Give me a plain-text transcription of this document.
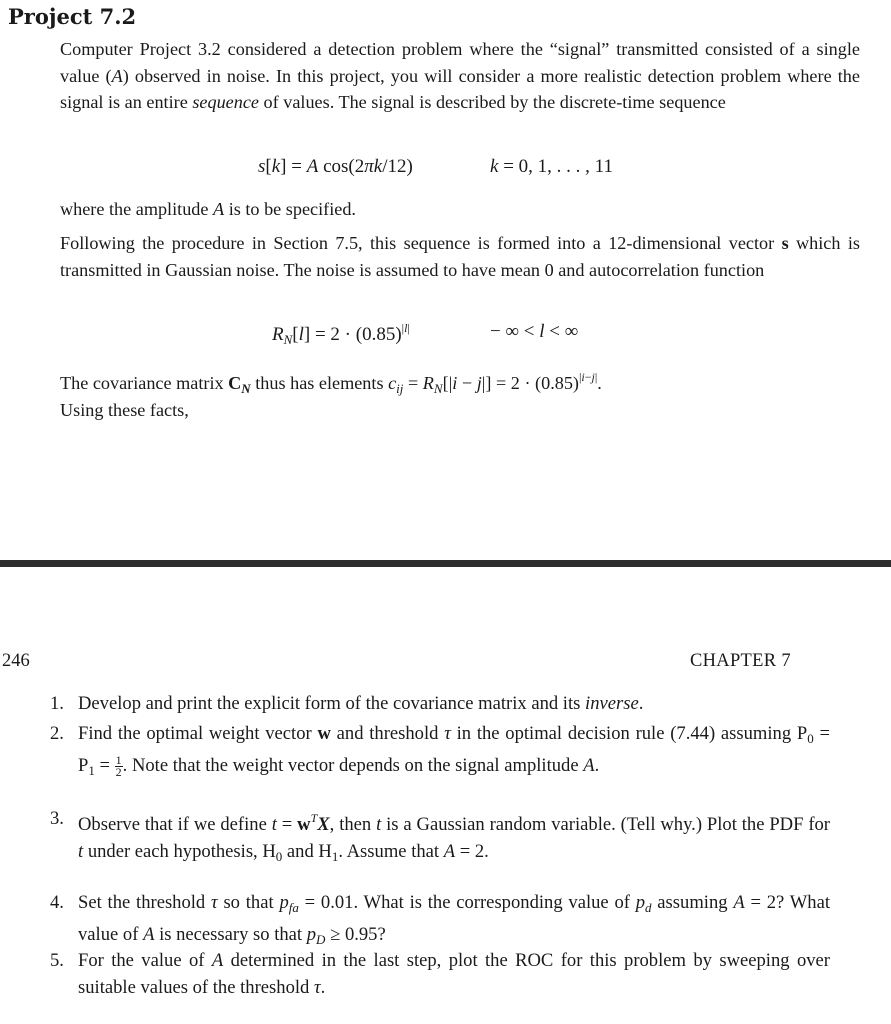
Project 7.2
Computer Project 3.2 considered a detection problem where the “signal” transmitted consisted of a single value (A) observed in noise. In this project, you will consider a more realistic detection problem where the signal is an entire sequence of values. The signal is described by the discrete-time sequence
s[k] = A cos(2πk/12)	k = 0, 1, . . . , 11
where the amplitude A is to be specified.
Following the procedure in Section 7.5, this sequence is formed into a 12-dimensional vector s which is transmitted in Gaussian noise. The noise is assumed to have mean 0 and autocorrelation function
$R_N[l] = 2 \cdot (0.85)^{|l|}$	− ∞ < l < ∞
The covariance matrix $C_N$ thus has elements $c_{ij} = R_N[|i - j|] = 2 \cdot (0.85)^{|i-j|}$.
Using these facts,
246	CHAPTER 7
1. Develop and print the explicit form of the covariance matrix and its inverse.
2. Find the optimal weight vector w and threshold τ in the optimal decision rule (7.44) assuming $P_0 = P_1 = \frac{1}{2}$ . Note that the weight vector depends on the signal amplitude A.
3. Observe that if we define $t = w^TX$, then t is a Gaussian random variable. (Tell why.) Plot the PDF for t under each hypothesis, $H_0$ and $H_1$. Assume that A = 2.
4. Set the threshold τ so that $p_{fa} = 0.01$. What is the corresponding value of $p_d$ assuming A = 2? What value of A is necessary so that $p_D \ge 0.95$?
5. For the value of A determined in the last step, plot the ROC for this problem by sweeping over suitable values of the threshold τ.
